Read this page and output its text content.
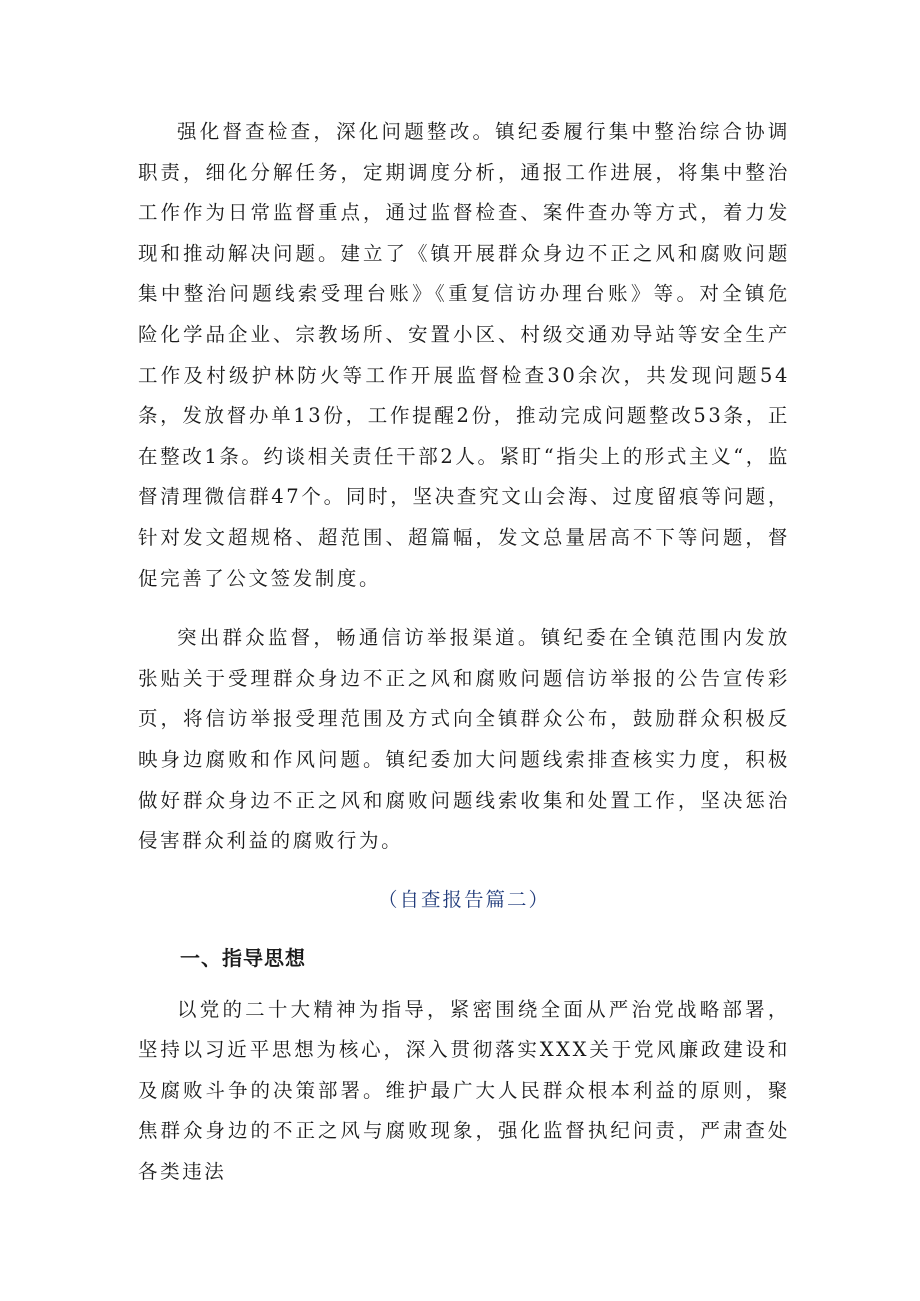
强化督查检查，深化问题整改。镇纪委履行集中整治综合协调职责，细化分解任务，定期调度分析，通报工作进展，将集中整治工作作为日常监督重点，通过监督检查、案件查办等方式，着力发现和推动解决问题。建立了《镇开展群众身边不正之风和腐败问题集中整治问题线索受理台账》《重复信访办理台账》等。对全镇危险化学品企业、宗教场所、安置小区、村级交通劝导站等安全生产工作及村级护林防火等工作开展监督检查30余次，共发现问题54条，发放督办单13份，工作提醒2份，推动完成问题整改53条，正在整改1条。约谈相关责任干部2人。紧盯“指尖上的形式主义“，监督清理微信群47个。同时，坚决查究文山会海、过度留痕等问题，针对发文超规格、超范围、超篇幅，发文总量居高不下等问题，督促完善了公文签发制度。

突出群众监督，畅通信访举报渠道。镇纪委在全镇范围内发放张贴关于受理群众身边不正之风和腐败问题信访举报的公告宣传彩页，将信访举报受理范围及方式向全镇群众公布，鼓励群众积极反映身边腐败和作风问题。镇纪委加大问题线索排查核实力度，积极做好群众身边不正之风和腐败问题线索收集和处置工作，坚决惩治侵害群众利益的腐败行为。

（自查报告篇二）
一、指导思想

以党的二十大精神为指导，紧密围绕全面从严治党战略部署，坚持以习近平思想为核心，深入贯彻落实XXX关于党风廉政建设和及腐败斗争的决策部署。维护最广大人民群众根本利益的原则，聚焦群众身边的不正之风与腐败现象，强化监督执纪问责，严肃查处各类违法
